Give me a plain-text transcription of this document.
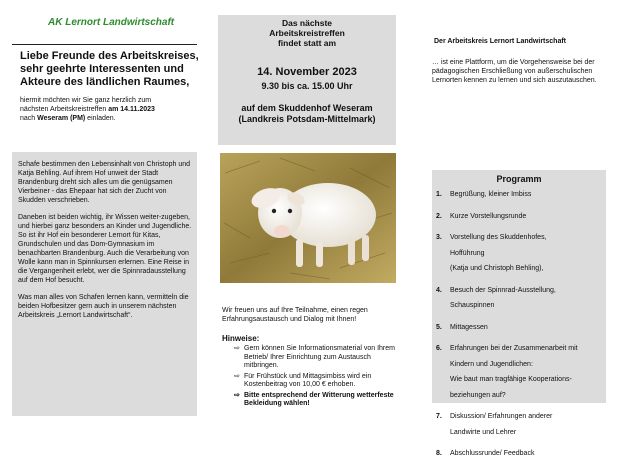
AK Lernort Landwirtschaft
Liebe Freunde des Arbeitskreises,
sehr geehrte Interessenten und
Akteure des ländlichen Raumes,
hiermit möchten wir Sie ganz herzlich zum
nächsten Arbeitskreistreffen am 14.11.2023
nach Weseram (PM) einladen.

Schafe bestimmen den Lebensinhalt von Christoph und Katja Behling. Auf ihrem Hof unweit der Stadt Brandenburg dreht sich alles um die genügsamen Vierbeiner - das Ehepaar hat sich der Zucht von Skudden verschrieben.

Daneben ist beiden wichtig, ihr Wissen weiter-zugeben, und hierbei ganz besonders an Kinder und Jugendliche. So ist ihr Hof ein besonderer Lernort für Kitas, Grundschulen und das Dom-Gymnasium im benachbarten Brandenburg. Auch die Verarbeitung von Wolle kann man in Spinnkursen erlernen. Eine Reise in die Vergangenheit erlebt, wer die Spinnradausstellung auf dem Hof besucht.

Was man alles von Schafen lernen kann, vermitteln die beiden Hofbesitzer gern auch in unserem nächsten Arbeitskreis „Lernort Landwirtschaft“.

Das nächste
Arbeitskreistreffen
findet statt am
14. November 2023
9.30 bis ca. 15.00 Uhr
auf dem Skuddenhof Weseram
(Landkreis Potsdam-Mittelmark)
Wir freuen uns auf Ihre Teilnahme, einen regen Erfahrungsaustausch und Dialog mit Ihnen!
Hinweise:
⇨ Gern können Sie Informationsmaterial von Ihrem Betrieb/ Ihrer Einrichtung zum Austausch mitbringen.
⇨ Für Frühstück und Mittagsimbiss wird ein Kostenbeitrag von 10,00 € erhoben.
⇨ Bitte entsprechend der Witterung wetterfeste Bekleidung wählen!
Der Arbeitskreis Lernort Landwirtschaft
… ist eine Plattform, um die Vorgehensweise bei der pädagogischen Erschließung von außerschulischen Lernorten kennen zu lernen und sich auszutauschen.
Programm
1.	Begrüßung, kleiner Imbiss
2.	Kurze Vorstellungsrunde
3.	Vorstellung des Skuddenhofes,
Hofführung
(Katja und Christoph Behling),
4.	Besuch der Spinnrad-Ausstellung,
Schauspinnen
5.	Mittagessen
6.	Erfahrungen bei der Zusammenarbeit mit
Kindern und Jugendlichen:
Wie baut man tragfähige Kooperations-
beziehungen auf?
7.	Diskussion/ Erfahrungen anderer
Landwirte und Lehrer
8.	Abschlussrunde/ Feedback
